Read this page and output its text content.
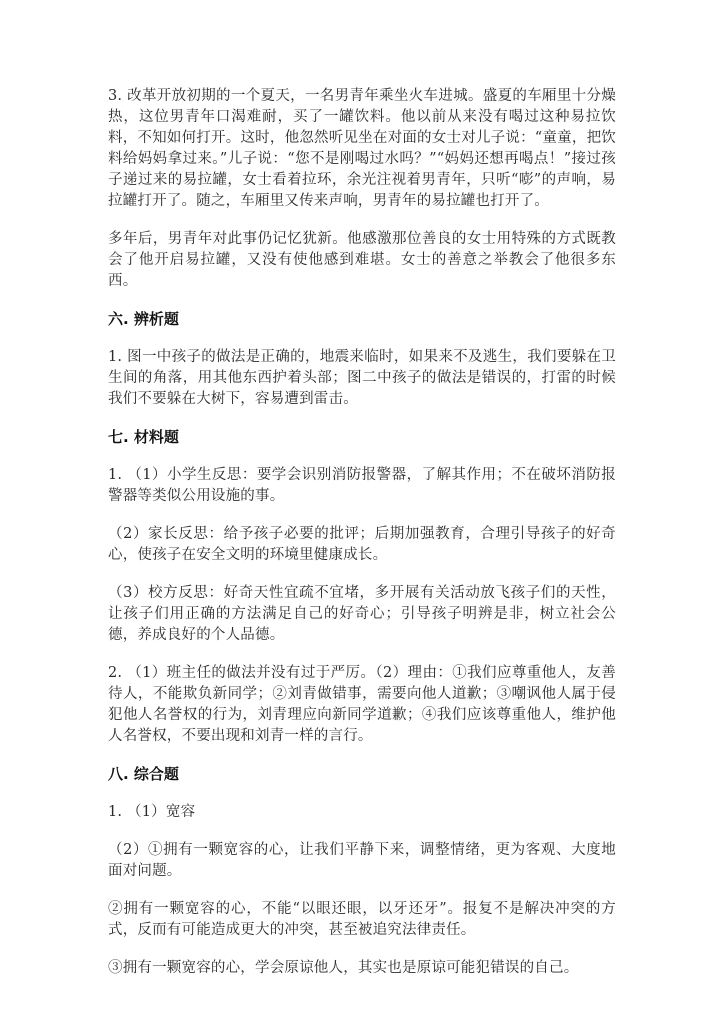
3. 改革开放初期的一个夏天，一名男青年乘坐火车进城。盛夏的车厢里十分燥热，这位男青年口渴难耐，买了一罐饮料。他以前从来没有喝过这种易拉饮料，不知如何打开。这时，他忽然听见坐在对面的女士对儿子说：“童童，把饮料给妈妈拿过来。”儿子说：“您不是刚喝过水吗？”“妈妈还想再喝点！”接过孩子递过来的易拉罐，女士看着拉环，余光注视着男青年，只听“嘭”的声响，易拉罐打开了。随之，车厢里又传来声响，男青年的易拉罐也打开了。

多年后，男青年对此事仍记忆犹新。他感激那位善良的女士用特殊的方式既教会了他开启易拉罐，又没有使他感到难堪。女士的善意之举教会了他很多东西。

六. 辨析题

1. 图一中孩子的做法是正确的，地震来临时，如果来不及逃生，我们要躲在卫生间的角落，用其他东西护着头部；图二中孩子的做法是错误的，打雷的时候我们不要躲在大树下，容易遭到雷击。

七. 材料题

1. （1）小学生反思：要学会识别消防报警器，了解其作用；不在破坏消防报警器等类似公用设施的事。

（2）家长反思：给予孩子必要的批评；后期加强教育，合理引导孩子的好奇心，使孩子在安全文明的环境里健康成长。

（3）校方反思：好奇天性宜疏不宜堵，多开展有关活动放飞孩子们的天性，让孩子们用正确的方法满足自己的好奇心；引导孩子明辨是非，树立社会公德，养成良好的个人品德。

2. （1）班主任的做法并没有过于严厉。（2）理由：①我们应尊重他人，友善待人，不能欺负新同学；②刘青做错事，需要向他人道歉；③嘲讽他人属于侵犯他人名誉权的行为，刘青理应向新同学道歉；④我们应该尊重他人，维护他人名誉权，不要出现和刘青一样的言行。

八. 综合题

1. （1）宽容

（2）①拥有一颗宽容的心，让我们平静下来，调整情绪，更为客观、大度地面对问题。

②拥有一颗宽容的心，不能“以眼还眼，以牙还牙”。报复不是解决冲突的方式，反而有可能造成更大的冲突，甚至被追究法律责任。

③拥有一颗宽容的心，学会原谅他人，其实也是原谅可能犯错误的自己。
